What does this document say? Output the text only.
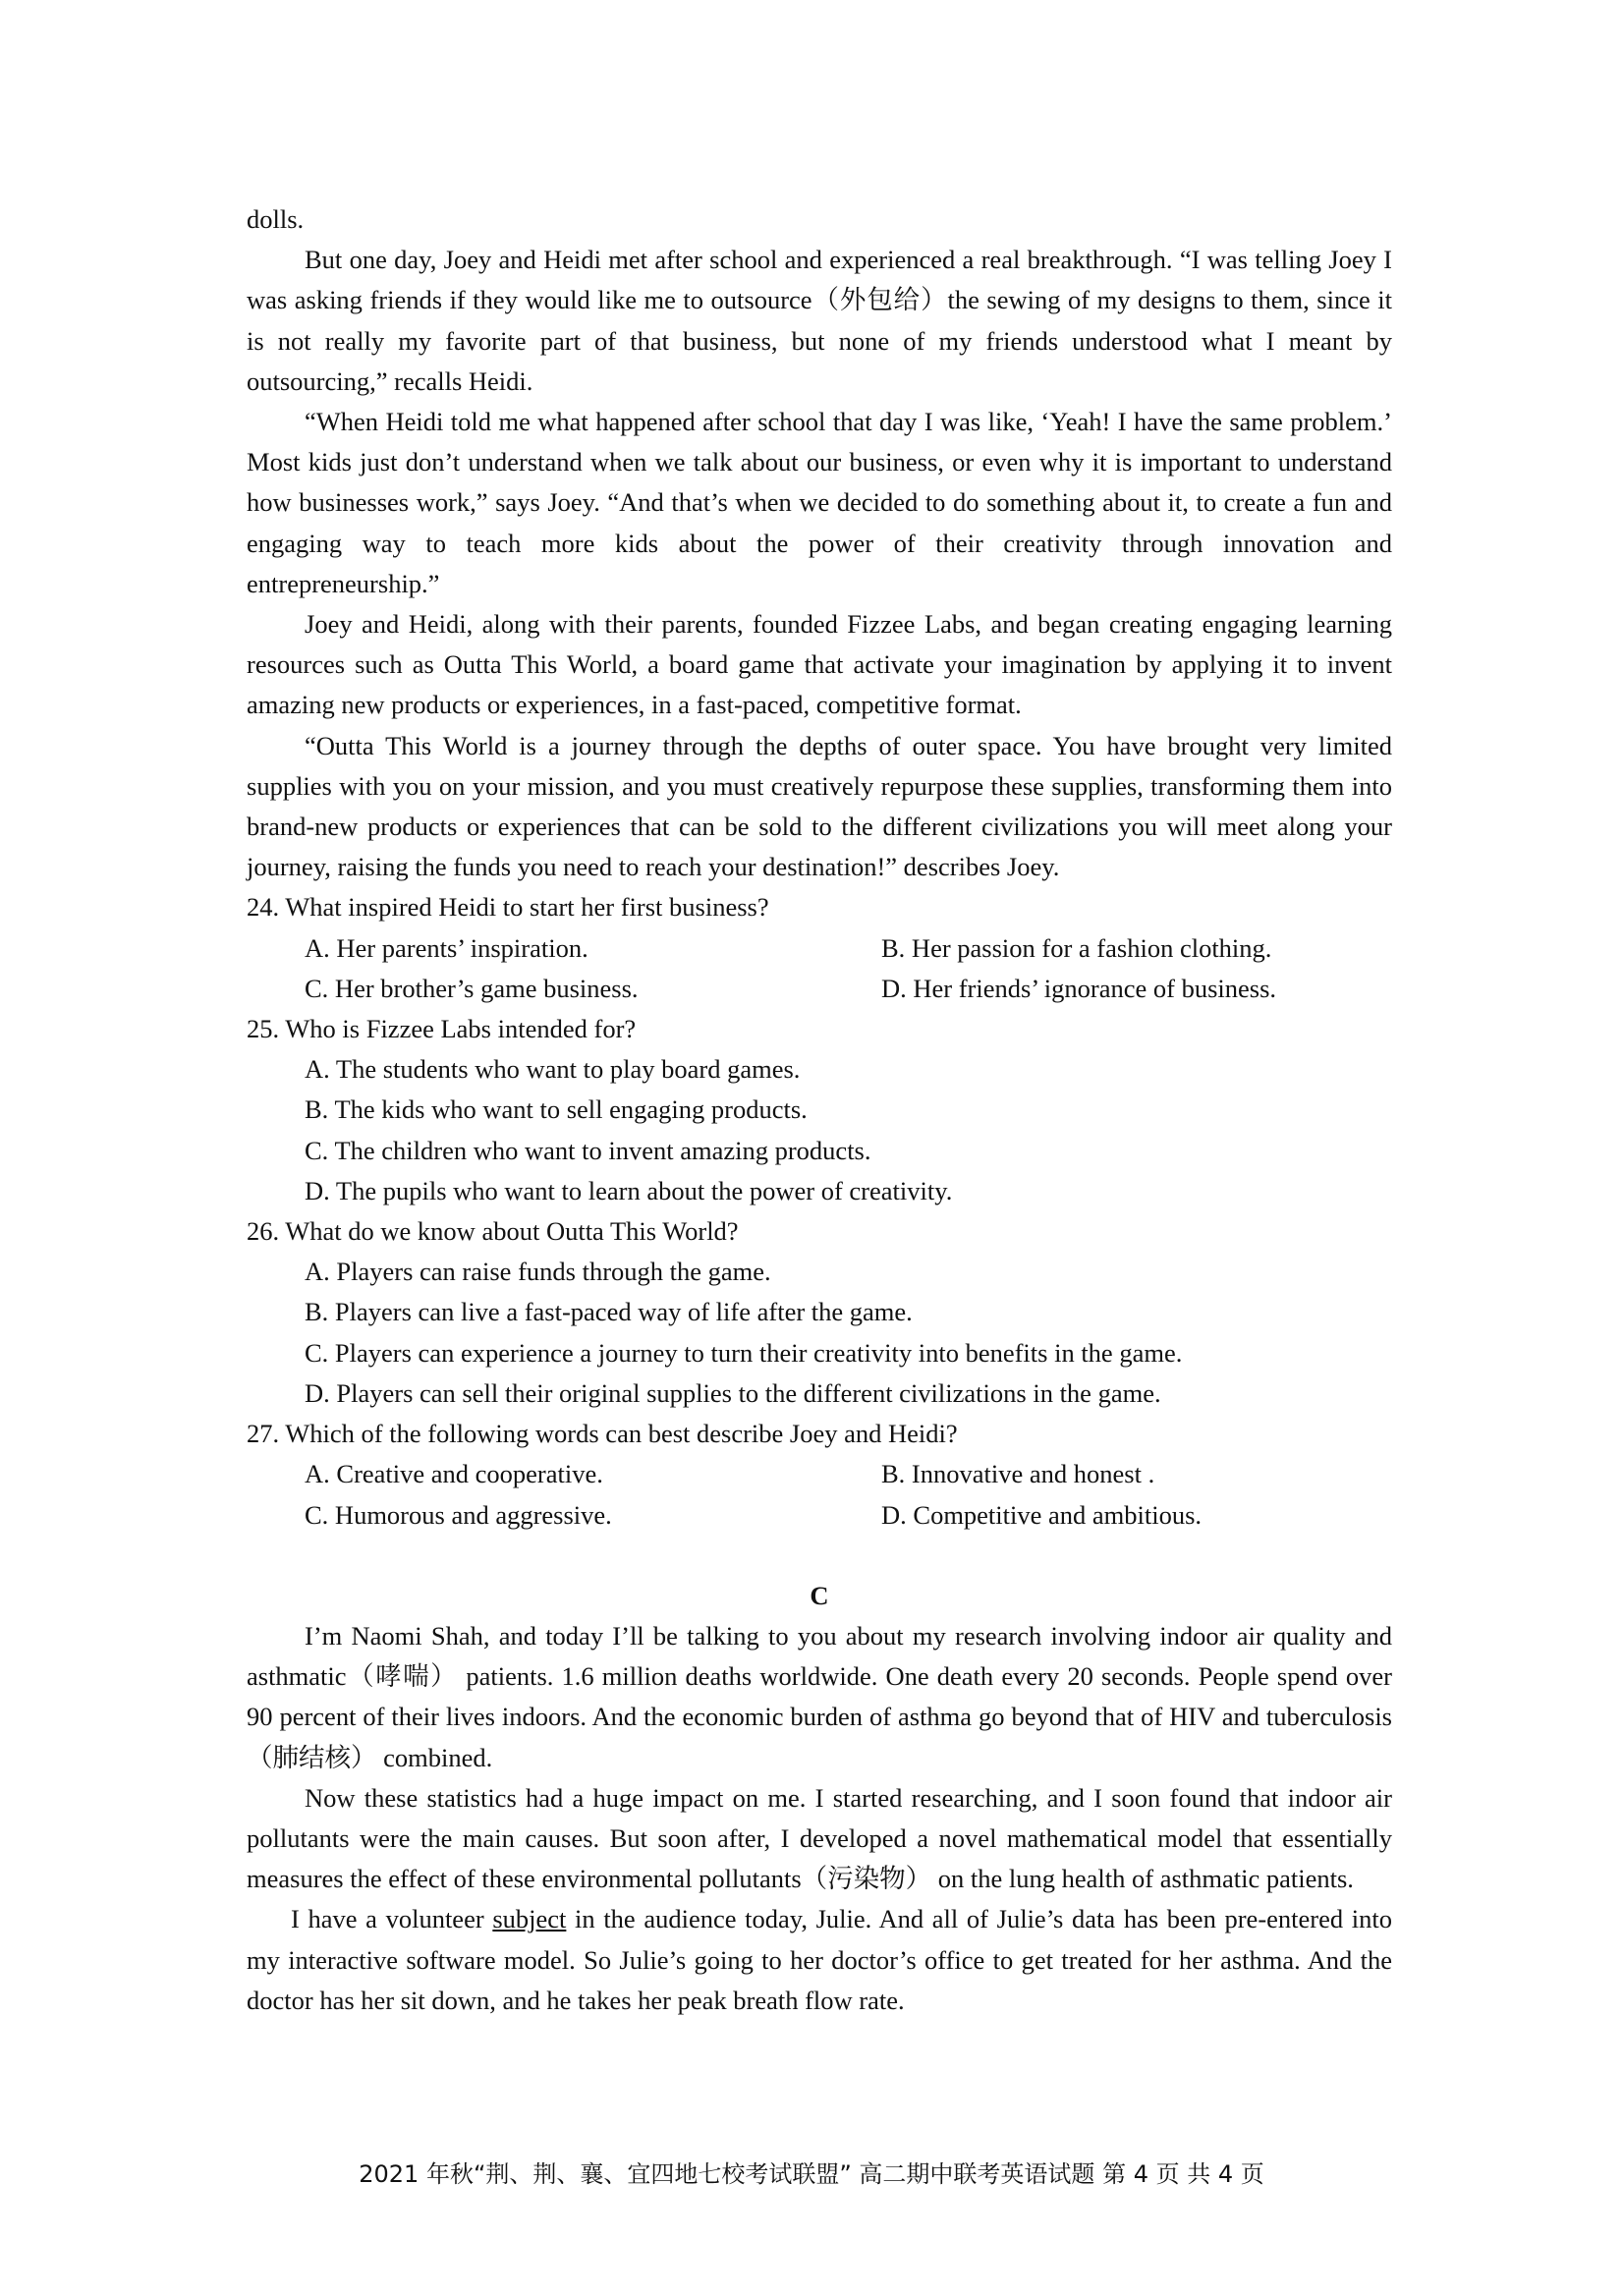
dolls.

But one day, Joey and Heidi met after school and experienced a real breakthrough. “I was telling Joey I was asking friends if they would like me to outsource（外包给）the sewing of my designs to them, since it is not really my favorite part of that business, but none of my friends understood what I meant by outsourcing,” recalls Heidi.

“When Heidi told me what happened after school that day I was like, ‘Yeah! I have the same problem.’ Most kids just don’t understand when we talk about our business, or even why it is important to understand how businesses work,” says Joey. “And that’s when we decided to do something about it, to create a fun and engaging way to teach more kids about the power of their creativity through innovation and entrepreneurship.”

Joey and Heidi, along with their parents, founded Fizzee Labs, and began creating engaging learning resources such as Outta This World, a board game that activate your imagination by applying it to invent amazing new products or experiences, in a fast-paced, competitive format.

“Outta This World is a journey through the depths of outer space. You have brought very limited supplies with you on your mission, and you must creatively repurpose these supplies, transforming them into brand-new products or experiences that can be sold to the different civilizations you will meet along your journey, raising the funds you need to reach your destination!” describes Joey.

24. What inspired Heidi to start her first business?

A. Her parents’ inspiration.	B. Her passion for a fashion clothing.
C. Her brother’s game business.	D. Her friends’ ignorance of business.

25. Who is Fizzee Labs intended for?

A. The students who want to play board games.

B. The kids who want to sell engaging products.

C. The children who want to invent amazing products.

D. The pupils who want to learn about the power of creativity.

26. What do we know about Outta This World?

A. Players can raise funds through the game.

B. Players can live a fast-paced way of life after the game.

C. Players can experience a journey to turn their creativity into benefits in the game.

D. Players can sell their original supplies to the different civilizations in the game.

27. Which of the following words can best describe Joey and Heidi?

A. Creative and cooperative.	B. Innovative and honest .
C. Humorous and aggressive.	D. Competitive and ambitious.

C

I’m Naomi Shah, and today I’ll be talking to you about my research involving indoor air quality and asthmatic（哮喘） patients. 1.6 million deaths worldwide. One death every 20 seconds. People spend over 90 percent of their lives indoors. And the economic burden of asthma go beyond that of HIV and tuberculosis（肺结核） combined.

Now these statistics had a huge impact on me. I started researching, and I soon found that indoor air pollutants were the main causes. But soon after, I developed a novel mathematical model that essentially measures the effect of these environmental pollutants（污染物） on the lung health of asthmatic patients.

I have a volunteer subject in the audience today, Julie. And all of Julie’s data has been pre-entered into my interactive software model. So Julie’s going to her doctor’s office to get treated for her asthma. And the doctor has her sit down, and he takes her peak breath flow rate.

2021 年秋“荆、荆、襄、宜四地七校考试联盟” 高二期中联考英语试题 第 4 页 共 4 页
